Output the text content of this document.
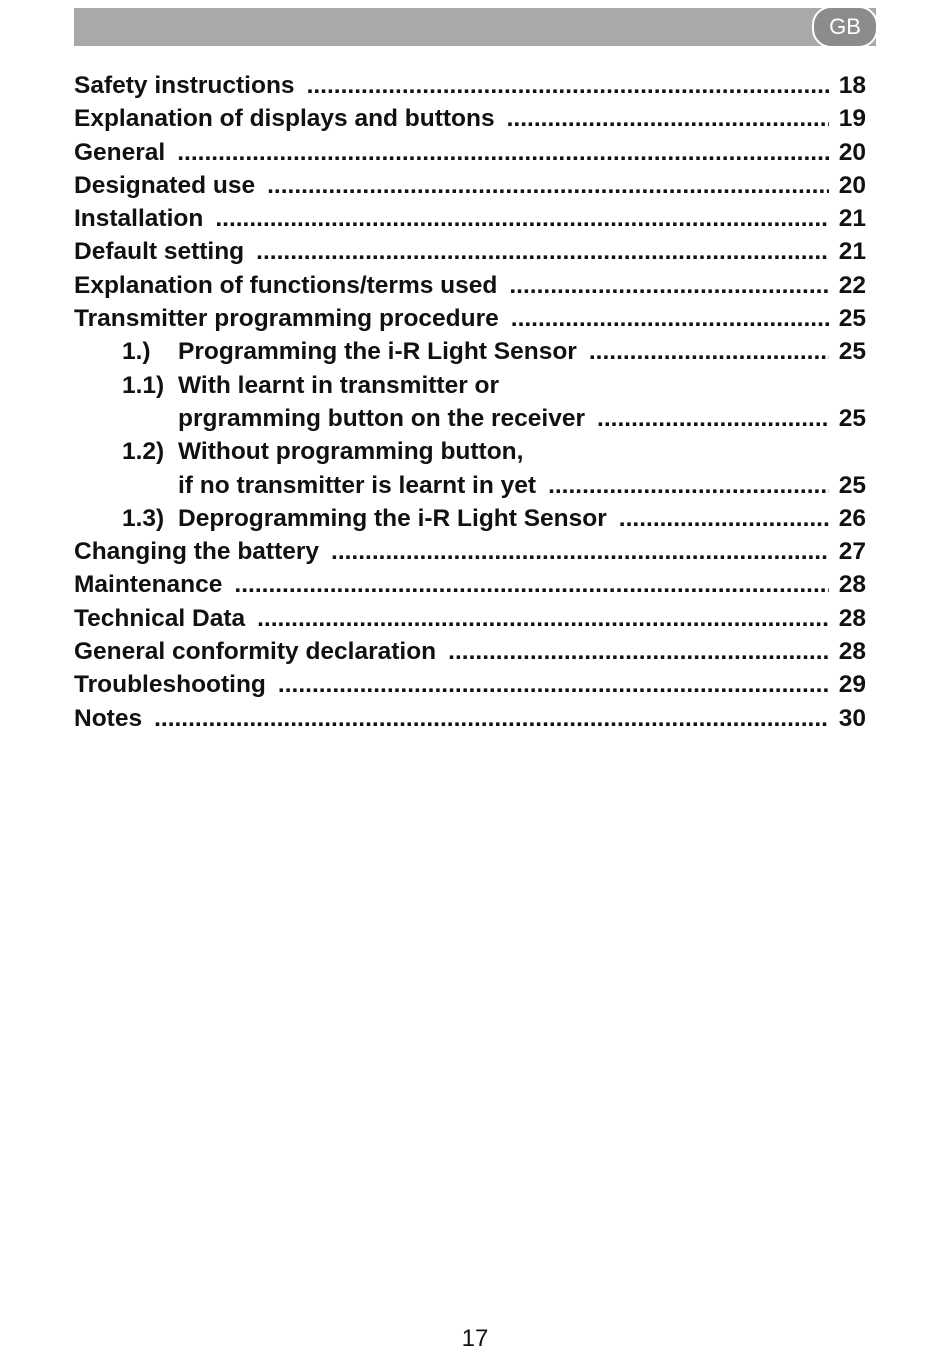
GB
Safety instructions .....	18
Explanation of displays and buttons .....	19
General .....	20
Designated use .....	20
Installation .....	21
Default setting .....	21
Explanation of functions/terms used .....	22
Transmitter programming procedure .....	25
1.)	Programming the i-R Light Sensor .....	25
1.1) With learnt in transmitter or
prgramming button on the receiver .....	25
1.2) Without programming button,
if no transmitter is learnt in yet .....	25
1.3) Deprogramming the i-R Light Sensor .....	26
Changing the battery .....	27
Maintenance .....	28
Technical Data .....	28
General conformity declaration .....	28
Troubleshooting .....	29
Notes .....	30
17
